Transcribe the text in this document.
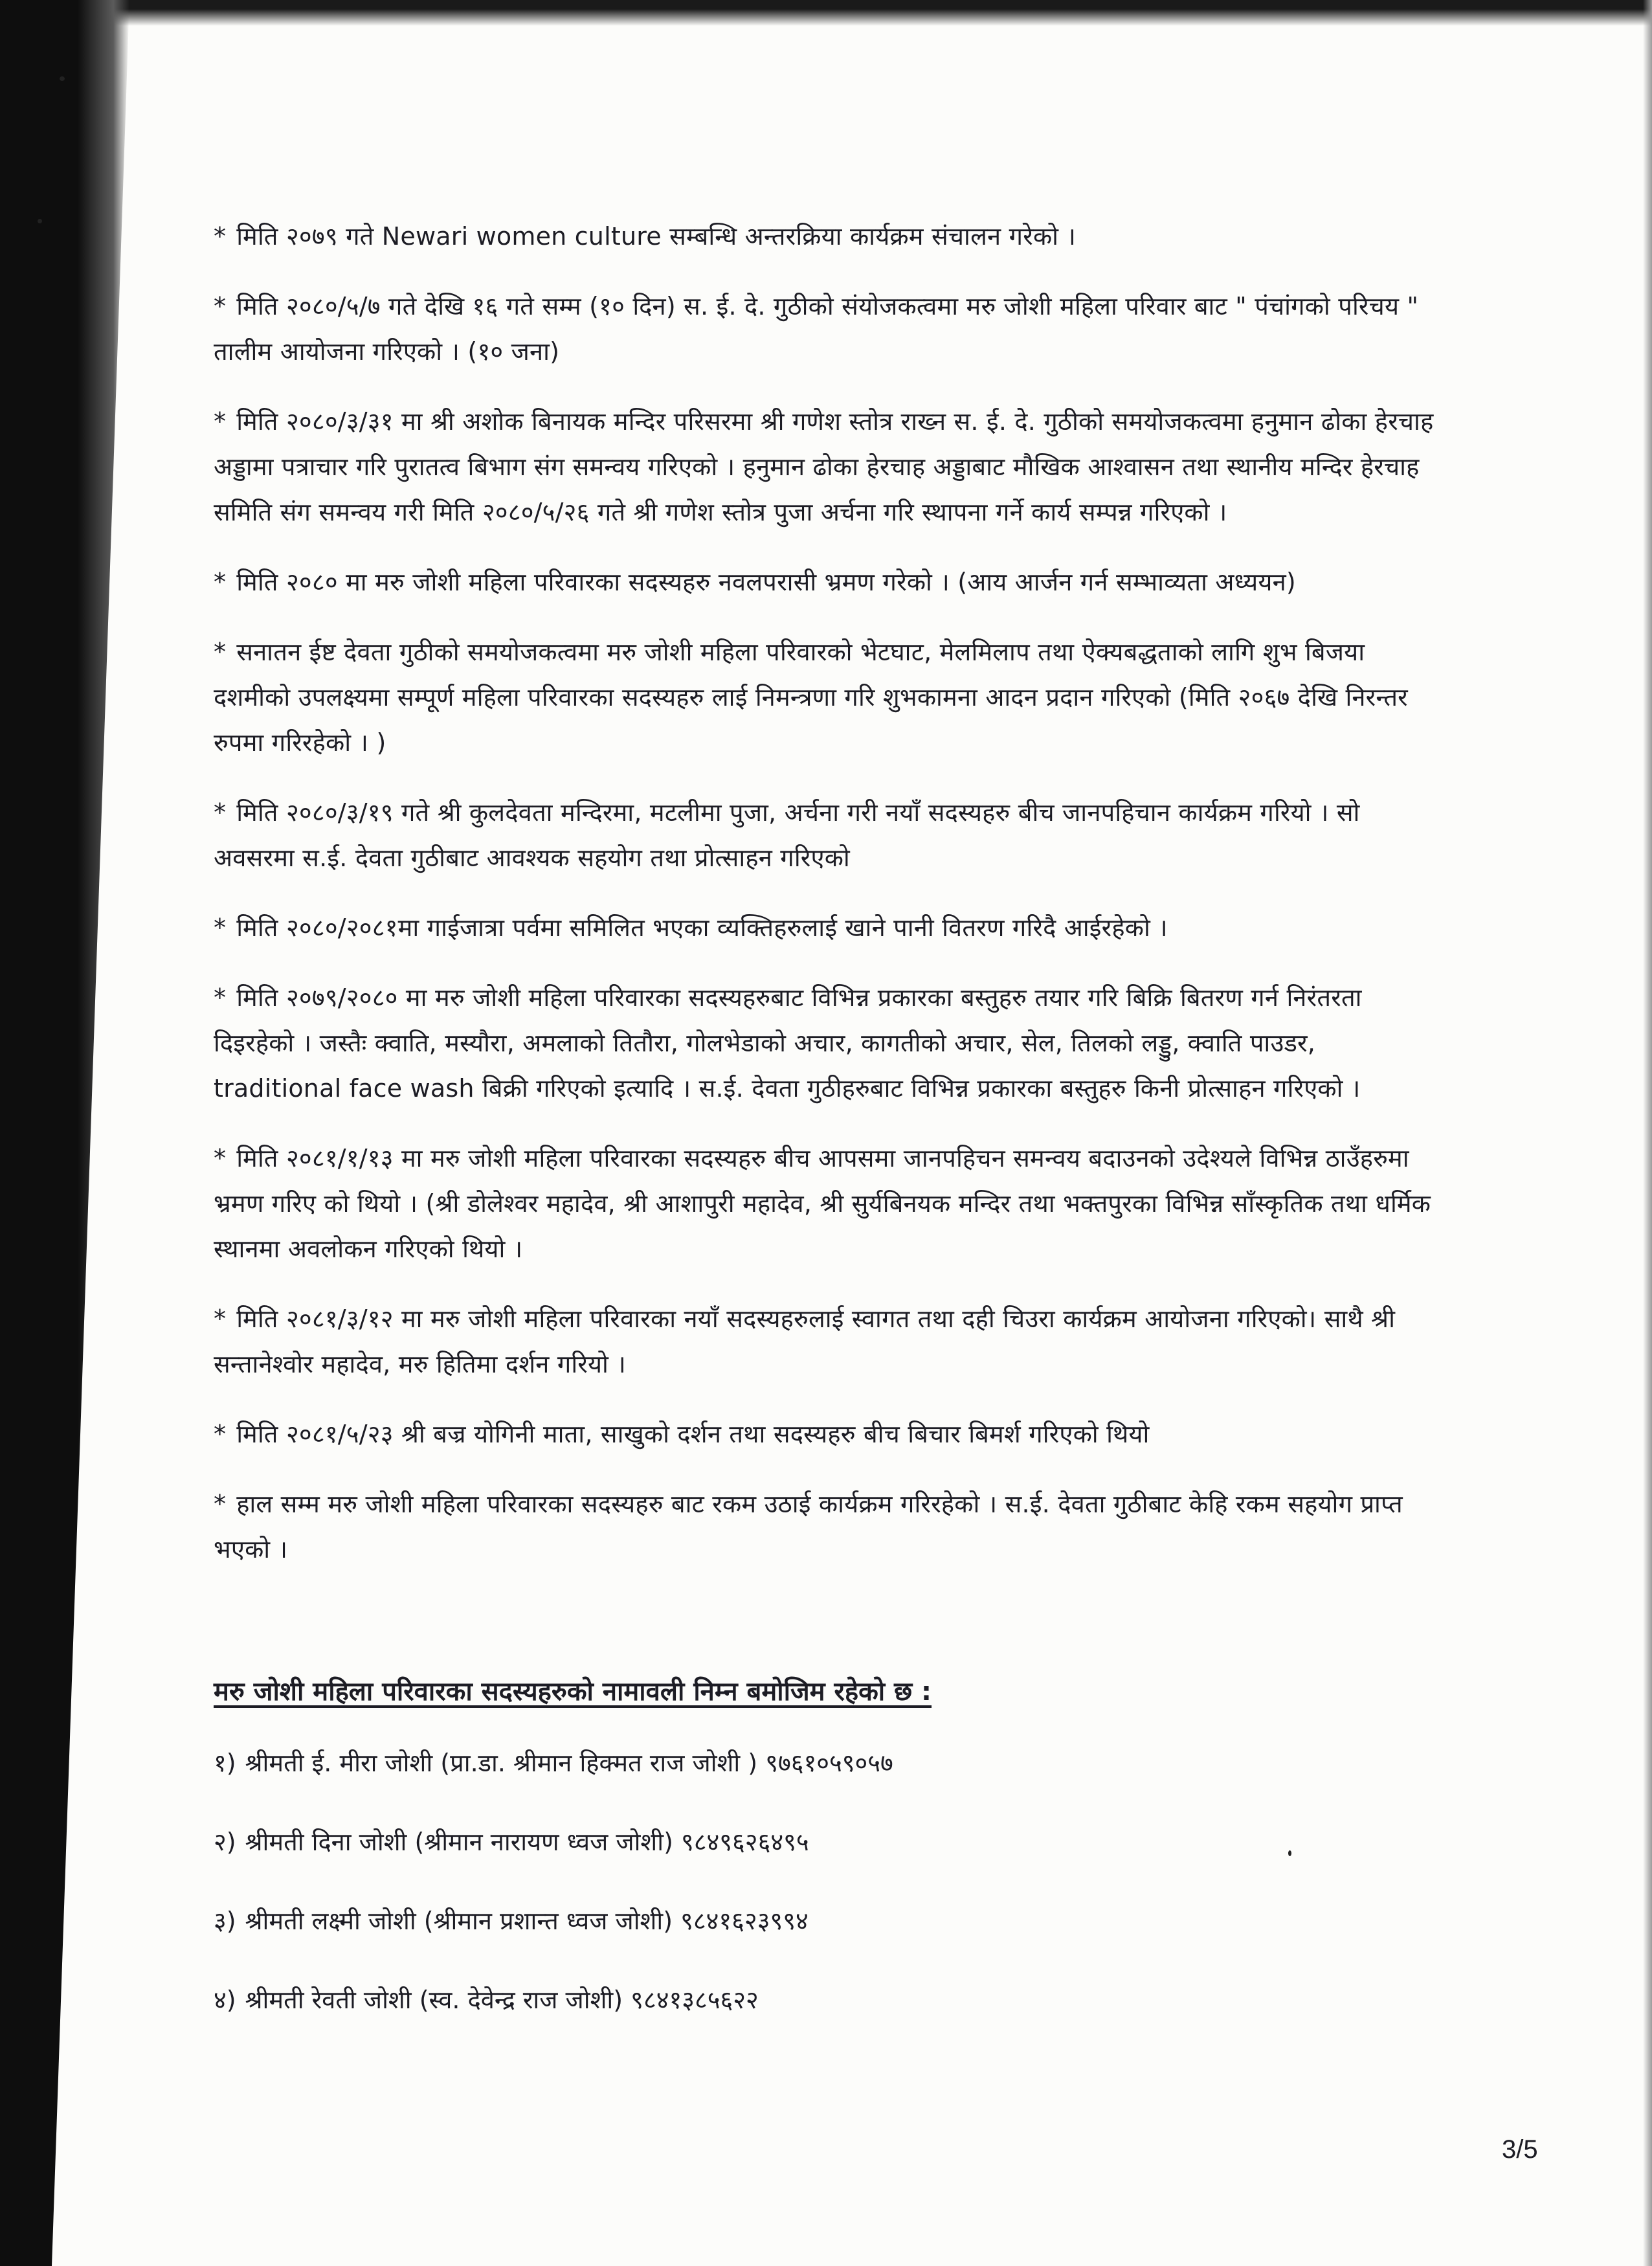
* मिति २०७९ गते Newari women culture सम्बन्धि अन्तरक्रिया कार्यक्रम संचालन गरेको ।

* मिति २०८०/५/७ गते देखि १६ गते सम्म (१० दिन) स. ई. दे. गुठीको संयोजकत्वमा मरु जोशी महिला परिवार बाट " पंचांगको परिचय " तालीम आयोजना गरिएको । (१० जना)

* मिति २०८०/३/३१ मा श्री अशोक बिनायक मन्दिर परिसरमा श्री गणेश स्तोत्र राख्न स. ई. दे. गुठीको समयोजकत्वमा हनुमान ढोका हेरचाह अड्डामा पत्राचार गरि पुरातत्व बिभाग संग समन्वय गरिएको । हनुमान ढोका हेरचाह अड्डाबाट मौखिक आश्वासन तथा स्थानीय मन्दिर हेरचाह समिति संग समन्वय गरी मिति २०८०/५/२६ गते श्री गणेश स्तोत्र पुजा अर्चना गरि स्थापना गर्ने कार्य सम्पन्न गरिएको ।

* मिति २०८० मा मरु जोशी महिला परिवारका सदस्यहरु नवलपरासी भ्रमण गरेको । (आय आर्जन गर्न सम्भाव्यता अध्ययन)

* सनातन ईष्ट देवता गुठीको समयोजकत्वमा मरु जोशी महिला परिवारको भेटघाट, मेलमिलाप तथा ऐक्यबद्धताको लागि शुभ बिजया दशमीको उपलक्ष्यमा सम्पूर्ण महिला परिवारका सदस्यहरु लाई निमन्त्रणा गरि शुभकामना आदन प्रदान गरिएको (मिति २०६७ देखि निरन्तर रुपमा गरिरहेको । )

* मिति २०८०/३/१९ गते श्री कुलदेवता मन्दिरमा, मटलीमा पुजा, अर्चना गरी नयाँ सदस्यहरु बीच जानपहिचान कार्यक्रम गरियो । सो अवसरमा स.ई. देवता गुठीबाट आवश्यक सहयोग तथा प्रोत्साहन गरिएको

* मिति २०८०/२०८१मा गाईजात्रा पर्वमा समिलित भएका व्यक्तिहरुलाई खाने पानी वितरण गरिदै आईरहेको ।

* मिति २०७९/२०८० मा मरु जोशी महिला परिवारका सदस्यहरुबाट विभिन्न प्रकारका बस्तुहरु तयार गरि बिक्रि बितरण गर्न निरंतरता दिइरहेको । जस्तैः क्वाति, मस्यौरा, अमलाको तितौरा, गोलभेडाको अचार, कागतीको अचार, सेल, तिलको लड्डु, क्वाति पाउडर, traditional face wash बिक्री गरिएको इत्यादि । स.ई. देवता गुठीहरुबाट विभिन्न प्रकारका बस्तुहरु किनी प्रोत्साहन गरिएको ।

* मिति २०८१/१/१३ मा मरु जोशी महिला परिवारका सदस्यहरु बीच आपसमा जानपहिचन समन्वय बदाउनको उदेश्यले विभिन्न ठाउँहरुमा भ्रमण गरिए को थियो । (श्री डोलेश्वर महादेव, श्री आशापुरी महादेव, श्री सुर्यबिनयक मन्दिर तथा भक्तपुरका विभिन्न साँस्कृतिक तथा धर्मिक स्थानमा अवलोकन गरिएको थियो ।

* मिति २०८१/३/१२ मा मरु जोशी महिला परिवारका नयाँ सदस्यहरुलाई स्वागत तथा दही चिउरा कार्यक्रम आयोजना गरिएको। साथै श्री सन्तानेश्वोर महादेव, मरु हितिमा दर्शन गरियो ।

* मिति २०८१/५/२३ श्री बज्र योगिनी माता, साखुको दर्शन तथा सदस्यहरु बीच बिचार बिमर्श गरिएको थियो

* हाल सम्म मरु जोशी महिला परिवारका सदस्यहरु बाट रकम उठाई कार्यक्रम गरिरहेको । स.ई. देवता गुठीबाट केहि रकम सहयोग प्राप्त भएको ।

मरु जोशी महिला परिवारका सदस्यहरुको नामावली निम्न बमोजिम रहेको छ :
१) श्रीमती ई. मीरा जोशी (प्रा.डा. श्रीमान हिक्मत राज जोशी ) ९७६१०५९०५७
२) श्रीमती दिना जोशी (श्रीमान नारायण ध्वज जोशी) ९८४९६२६४९५
३) श्रीमती लक्ष्मी जोशी (श्रीमान प्रशान्त ध्वज जोशी) ९८४१६२३९९४
४) श्रीमती रेवती जोशी (स्व. देवेन्द्र राज जोशी) ९८४१३८५६२२
3/5
